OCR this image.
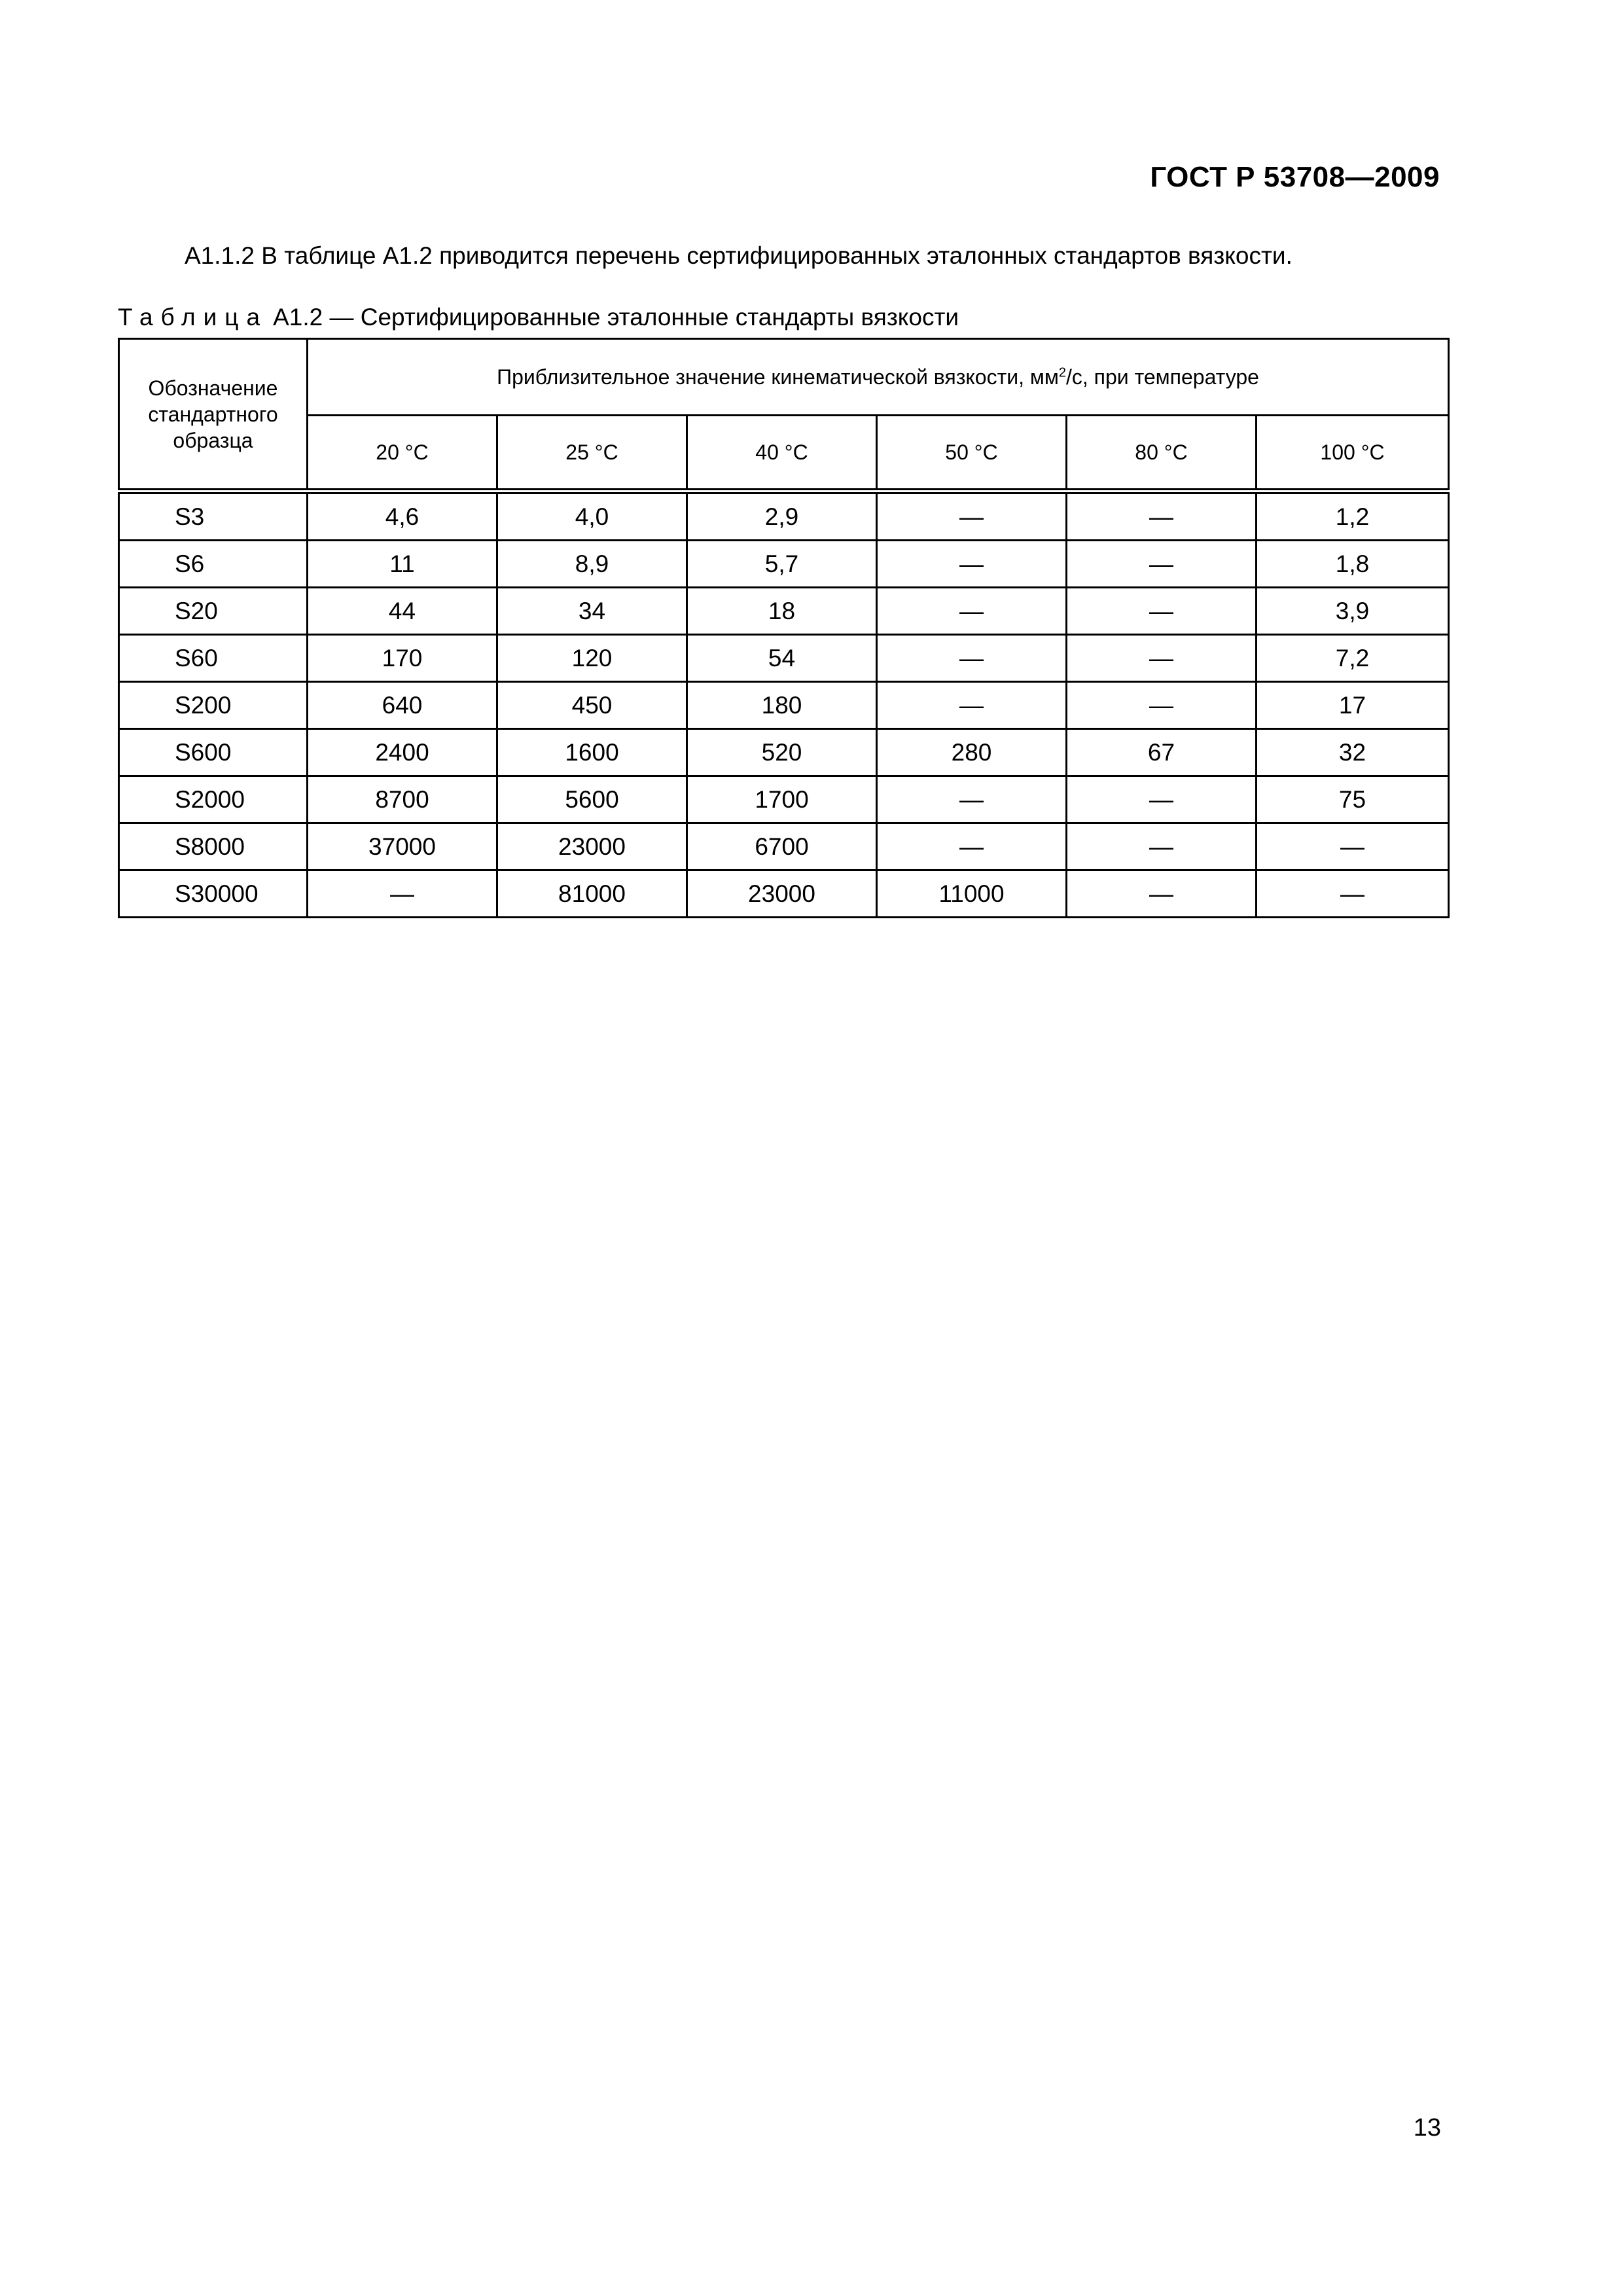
ГОСТ Р 53708—2009
А1.1.2 В таблице А1.2 приводится перечень сертифицированных эталонных стандартов вязкости.
Таблица А1.2 — Сертифицированные эталонные стандарты вязкости
Обозначение стандартного образца	Приблизительное значение кинематической вязкости, $мм^2/с$, при температуре					
	20 °C	25 °C	40 °C	50 °C	80 °C	100 °C
S3	4,6	4,0	2,9	—	—	1,2
S6	11	8,9	5,7	—	—	1,8
S20	44	34	18	—	—	3,9
S60	170	120	54	—	—	7,2
S200	640	450	180	—	—	17
S600	2400	1600	520	280	67	32
S2000	8700	5600	1700	—	—	75
S8000	37000	23000	6700	—	—	—
S30000	—	81000	23000	11000	—	—
13
